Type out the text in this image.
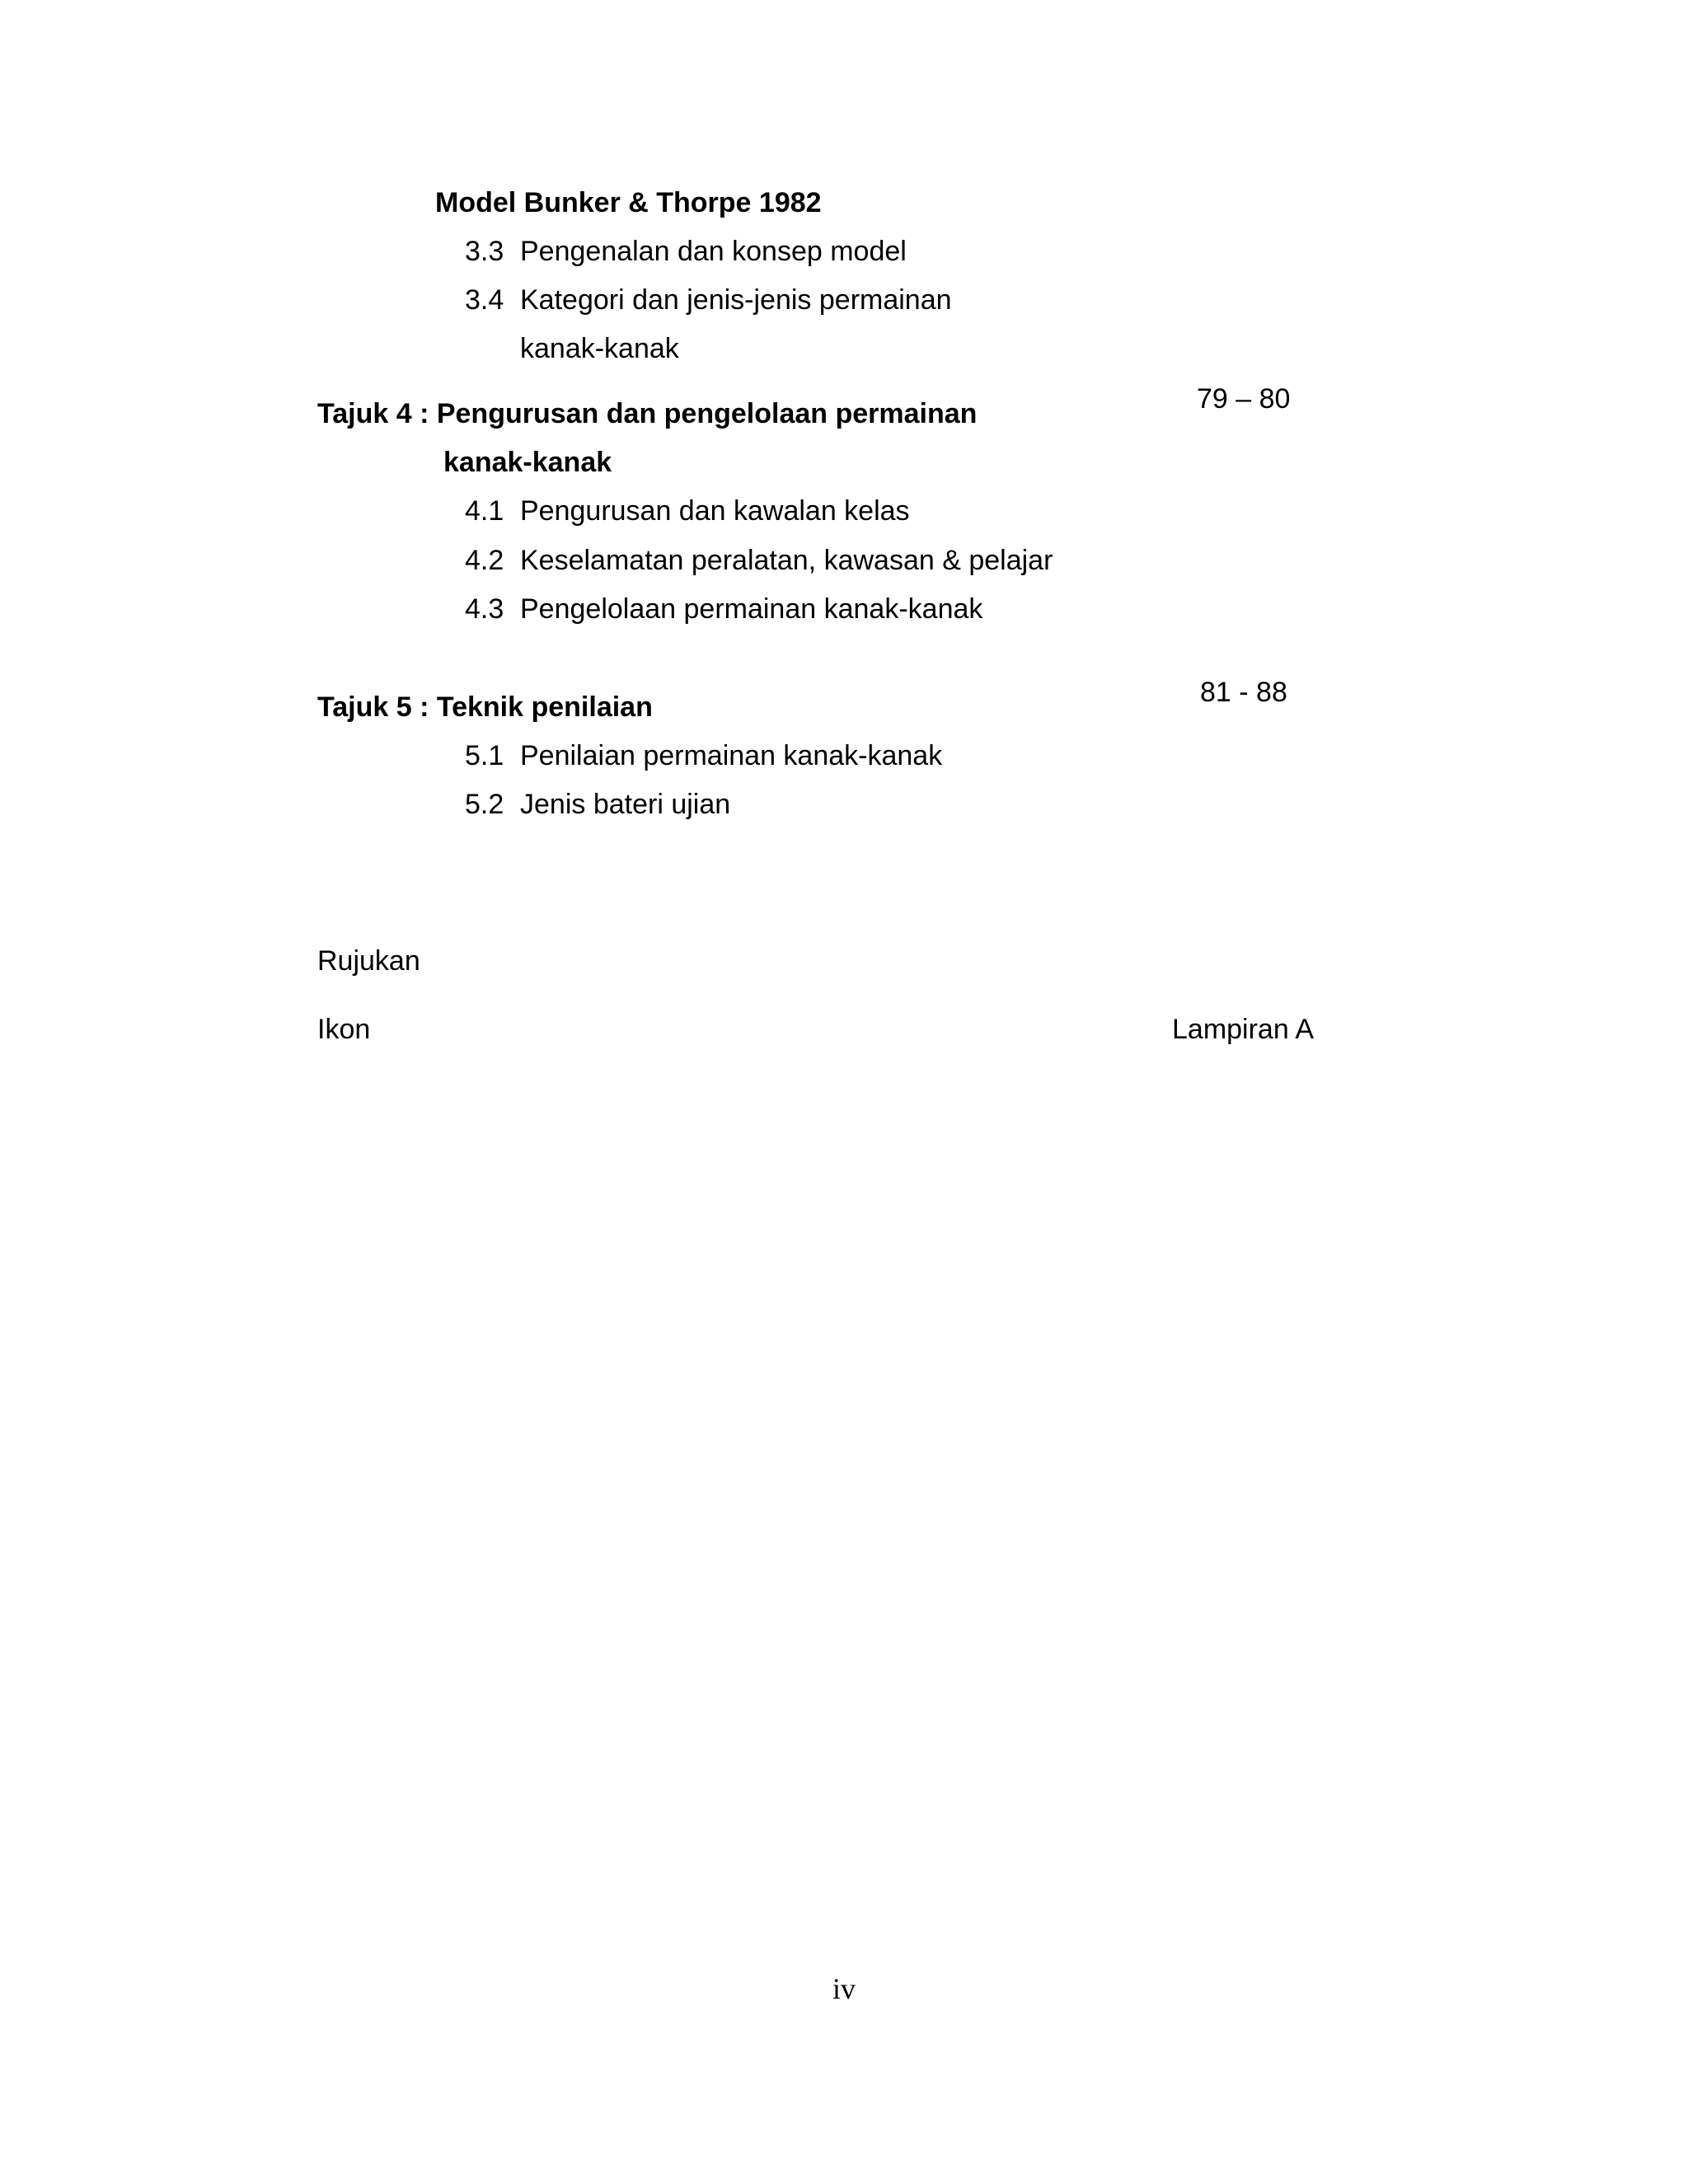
Model Bunker & Thorpe 1982
3.3 Pengenalan dan konsep model
3.4 Kategori dan jenis-jenis permainan
kanak-kanak
79 – 80
Tajuk 4 : Pengurusan dan pengelolaan permainan
kanak-kanak
4.1 Pengurusan dan kawalan kelas
4.2 Keselamatan peralatan, kawasan & pelajar
4.3 Pengelolaan permainan kanak-kanak
81 - 88
Tajuk 5 : Teknik penilaian
5.1 Penilaian permainan kanak-kanak
5.2 Jenis bateri ujian
Rujukan
Ikon	Lampiran A
iv
